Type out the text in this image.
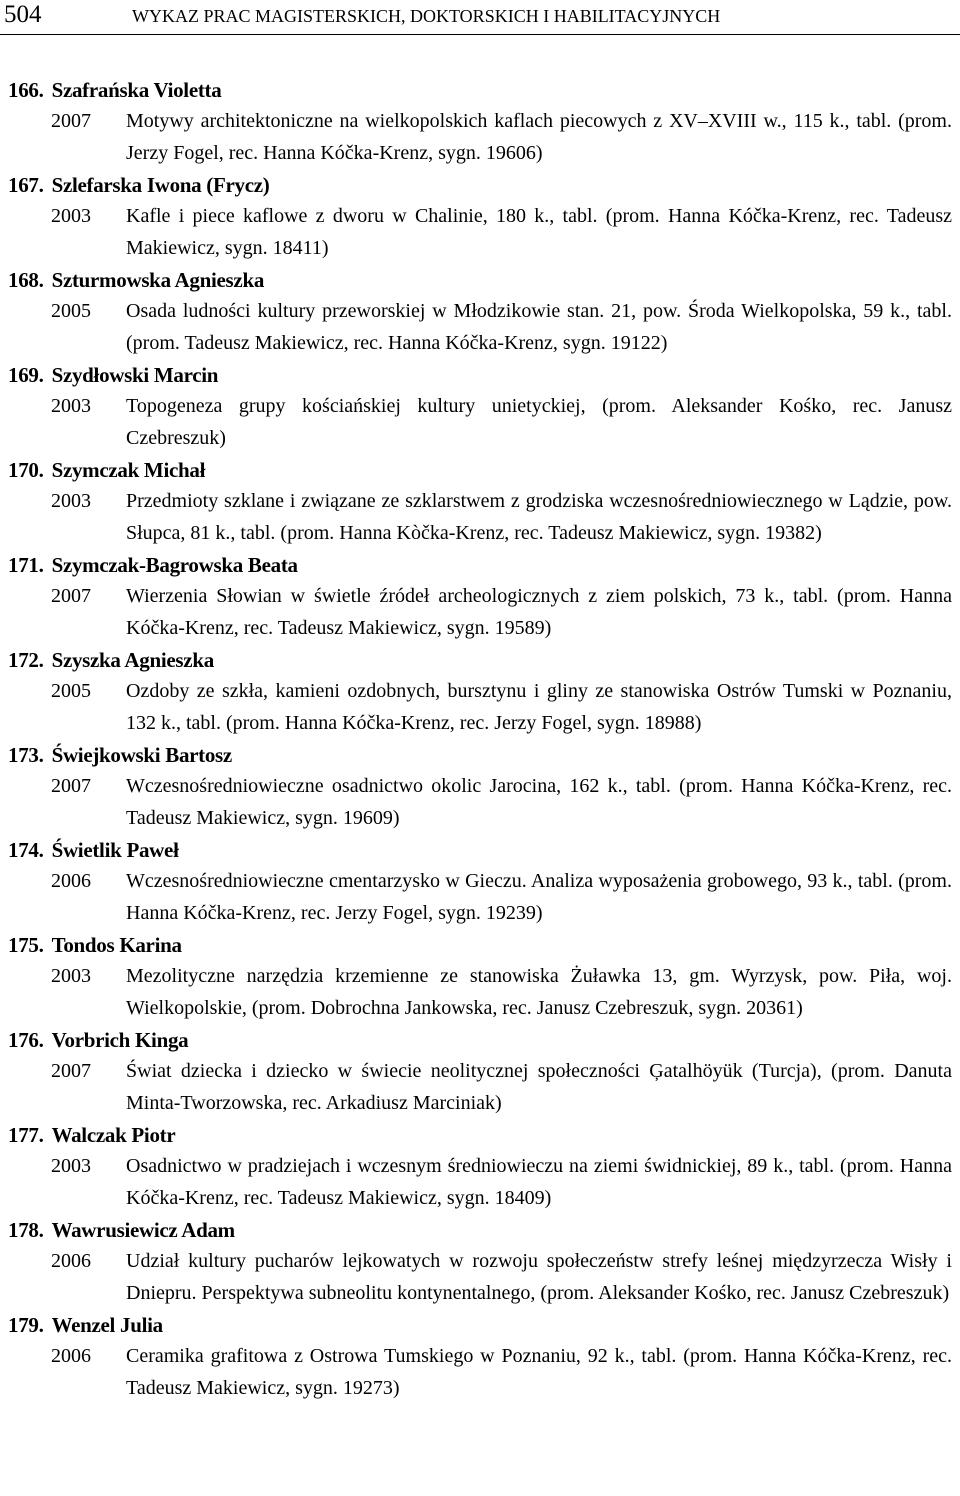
504	WYKAZ PRAC MAGISTERSKICH, DOKTORSKICH I HABILITACYJNYCH
166. Szafrańska Violetta
2007	Motywy architektoniczne na wielkopolskich kaflach piecowych z XV–XVIII w., 115 k., tabl. (prom. Jerzy Fogel, rec. Hanna Kóčka-Krenz, sygn. 19606)
167. Szlefarska Iwona (Frycz)
2003	Kafle i piece kaflowe z dworu w Chalinie, 180 k., tabl. (prom. Hanna Kóčka-Krenz, rec. Tadeusz Makiewicz, sygn. 18411)
168. Szturmowska Agnieszka
2005	Osada ludności kultury przeworskiej w Młodzikowie stan. 21, pow. Środa Wielkopolska, 59 k., tabl. (prom. Tadeusz Makiewicz, rec. Hanna Kóčka-Krenz, sygn. 19122)
169. Szydłowski Marcin
2003	Topogeneza grupy kościańskiej kultury unietyckiej, (prom. Aleksander Kośko, rec. Janusz Czebreszuk)
170. Szymczak Michał
2003	Przedmioty szklane i związane ze szklarstwem z grodziska wczesnośredniowiecznego w Lądzie, pow. Słupca, 81 k., tabl. (prom. Hanna Kòčka-Krenz, rec. Tadeusz Makiewicz, sygn. 19382)
171. Szymczak-Bagrowska Beata
2007	Wierzenia Słowian w świetle źródeł archeologicznych z ziem polskich, 73 k., tabl. (prom. Hanna Kóčka-Krenz, rec. Tadeusz Makiewicz, sygn. 19589)
172. Szyszka Agnieszka
2005	Ozdoby ze szkła, kamieni ozdobnych, bursztynu i gliny ze stanowiska Ostrów Tumski w Poznaniu, 132 k., tabl. (prom. Hanna Kóčka-Krenz, rec. Jerzy Fogel, sygn. 18988)
173. Świejkowski Bartosz
2007	Wczesnośredniowieczne osadnictwo okolic Jarocina, 162 k., tabl. (prom. Hanna Kóčka-Krenz, rec. Tadeusz Makiewicz, sygn. 19609)
174. Świetlik Paweł
2006	Wczesnośredniowieczne cmentarzysko w Gieczu. Analiza wyposażenia grobowego, 93 k., tabl. (prom. Hanna Kóčka-Krenz, rec. Jerzy Fogel, sygn. 19239)
175. Tondos Karina
2003	Mezolityczne narzędzia krzemienne ze stanowiska Żuławka 13, gm. Wyrzysk, pow. Piła, woj. Wielkopolskie, (prom. Dobrochna Jankowska, rec. Janusz Czebreszuk, sygn. 20361)
176. Vorbrich Kinga
2007	Świat dziecka i dziecko w świecie neolitycznej społeczności Ģatalhöyük (Turcja), (prom. Danuta Minta-Tworzowska, rec. Arkadiusz Marciniak)
177. Walczak Piotr
2003	Osadnictwo w pradziejach i wczesnym średniowieczu na ziemi świdnickiej, 89 k., tabl. (prom. Hanna Kóčka-Krenz, rec. Tadeusz Makiewicz, sygn. 18409)
178. Wawrusiewicz Adam
2006	Udział kultury pucharów lejkowatych w rozwoju społeczeństw strefy leśnej międzyrzecza Wisły i Dniepru. Perspektywa subneolitu kontynentalnego, (prom. Aleksander Kośko, rec. Janusz Czebreszuk)
179. Wenzel Julia
2006	Ceramika grafitowa z Ostrowa Tumskiego w Poznaniu, 92 k., tabl. (prom. Hanna Kóčka-Krenz, rec. Tadeusz Makiewicz, sygn. 19273)
